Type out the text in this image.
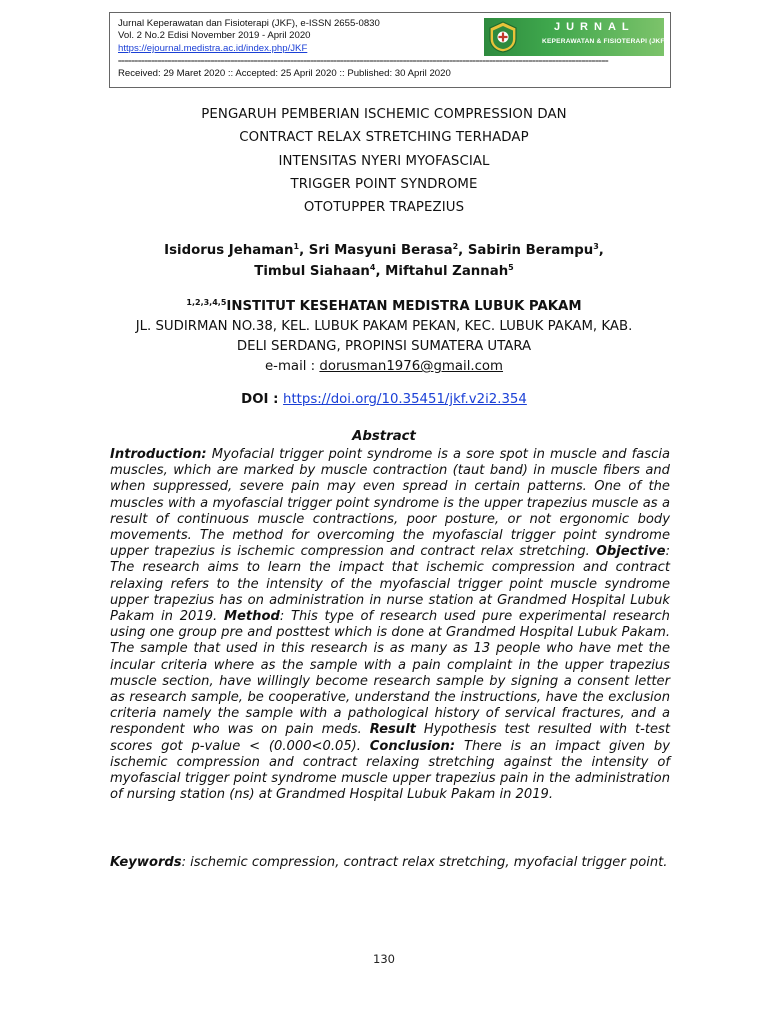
Jurnal Keperawatan dan Fisioterapi (JKF), e-ISSN 2655-0830
Vol. 2 No.2 Edisi November 2019 - April 2020
https://ejournal.medistra.ac.id/index.php/JKF
====================================================================================================================================================
Received: 29 Maret 2020 :: Accepted: 25 April 2020 :: Published: 30 April 2020
JURNAL
KEPERAWATAN & FISIOTERAPI (JKF)
PENGARUH PEMBERIAN ISCHEMIC COMPRESSION DAN
CONTRACT RELAX STRETCHING TERHADAP
INTENSITAS NYERI MYOFASCIAL
TRIGGER POINT SYNDROME
OTOTUPPER TRAPEZIUS
Isidorus Jehaman$^1$, Sri Masyuni Berasa$^2$, Sabirin Berampu$^3$,
Timbul Siahaan$^4$, Miftahul Zannah$^5$
$^{1,2,3,4,5}$INSTITUT KESEHATAN MEDISTRA LUBUK PAKAM
JL. SUDIRMAN NO.38, KEL. LUBUK PAKAM PEKAN, KEC. LUBUK PAKAM, KAB.
DELI SERDANG, PROPINSI SUMATERA UTARA
e-mail : dorusman1976@gmail.com
DOI : https://doi.org/10.35451/jkf.v2i2.354
Abstract
Introduction: Myofacial trigger point syndrome is a sore spot in muscle and fascia muscles, which are marked by muscle contraction (taut band) in muscle fibers and when suppressed, severe pain may even spread in certain patterns. One of the muscles with a myofascial trigger point syndrome is the upper trapezius muscle as a result of continuous muscle contractions, poor posture, or not ergonomic body movements. The method for overcoming the myofascial trigger point syndrome upper trapezius is ischemic compression and contract relax stretching. Objective: The research aims to learn the impact that ischemic compression and contract relaxing refers to the intensity of the myofascial trigger point muscle syndrome upper trapezius has on administration in nurse station at Grandmed Hospital Lubuk Pakam in 2019. Method: This type of research used pure experimental research using one group pre and posttest which is done at Grandmed Hospital Lubuk Pakam. The sample that used in this research is as many as 13 people who have met the incular criteria where as the sample with a pain complaint in the upper trapezius muscle section, have willingly become research sample by signing a consent letter as research sample, be cooperative, understand the instructions, have the exclusion criteria namely the sample with a pathological history of servical fractures, and a respondent who was on pain meds. Result Hypothesis test resulted with t-test scores got p-value < (0.000<0.05). Conclusion: There is an impact given by ischemic compression and contract relaxing stretching against the intensity of myofascial trigger point syndrome muscle upper trapezius pain in the administration of nursing station (ns) at Grandmed Hospital Lubuk Pakam in 2019.
Keywords: ischemic compression, contract relax stretching, myofacial trigger point.
130
